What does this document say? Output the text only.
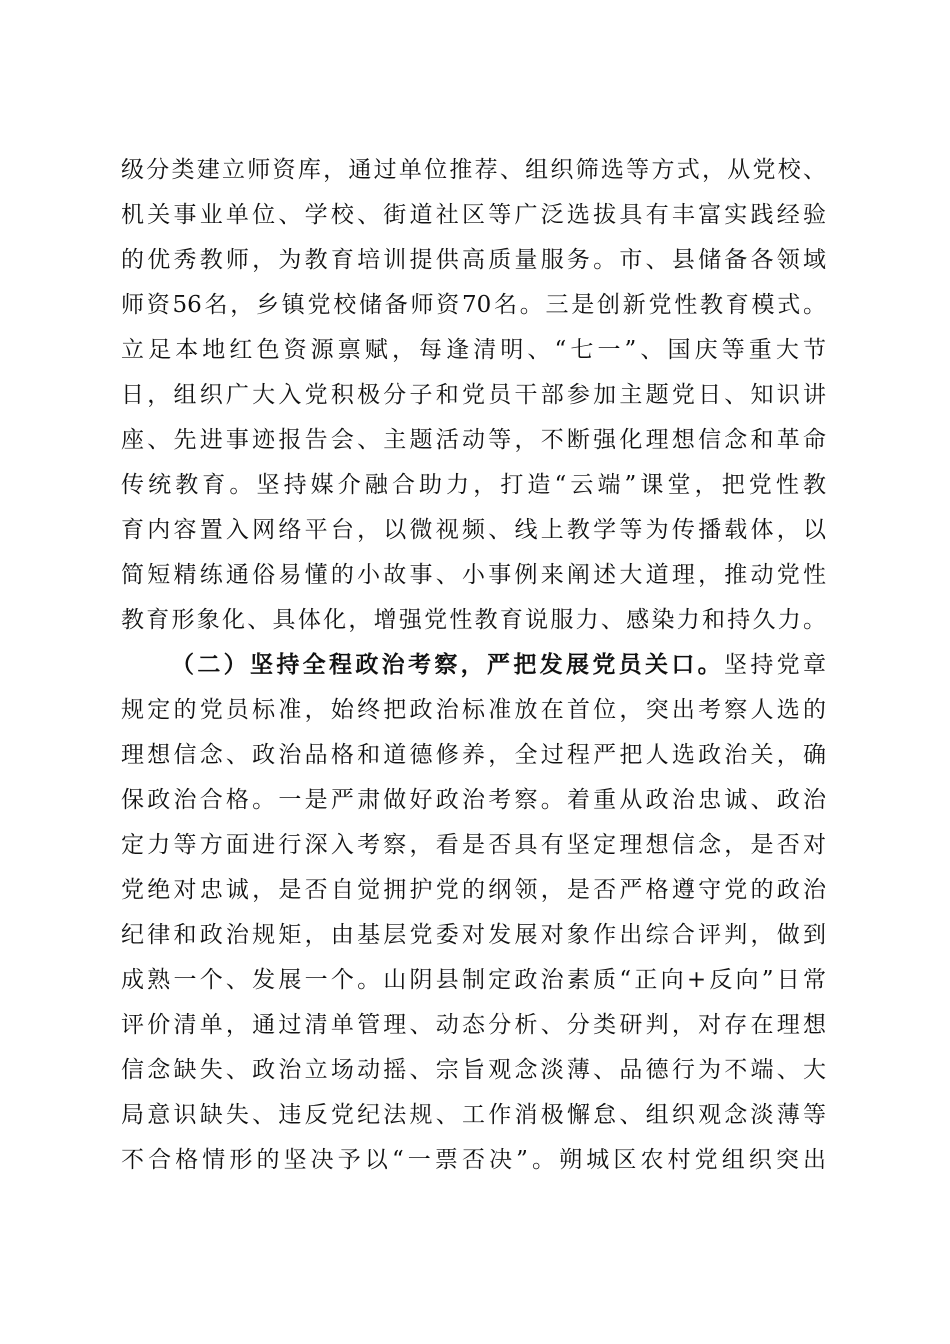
级分类建立师资库，通过单位推荐、组织筛选等方式，从党校、
机关事业单位、学校、街道社区等广泛选拔具有丰富实践经验
的优秀教师，为教育培训提供高质量服务。市、县储备各领域
师资56名，乡镇党校储备师资70名。三是创新党性教育模式。
立足本地红色资源禀赋，每逢清明、“七一”、国庆等重大节
日，组织广大入党积极分子和党员干部参加主题党日、知识讲
座、先进事迹报告会、主题活动等，不断强化理想信念和革命
传统教育。坚持媒介融合助力，打造“云端”课堂，把党性教
育内容置入网络平台，以微视频、线上教学等为传播载体，以
简短精练通俗易懂的小故事、小事例来阐述大道理，推动党性
教育形象化、具体化，增强党性教育说服力、感染力和持久力。
（二）坚持全程政治考察，严把发展党员关口。坚持党章
规定的党员标准，始终把政治标准放在首位，突出考察人选的
理想信念、政治品格和道德修养，全过程严把人选政治关，确
保政治合格。一是严肃做好政治考察。着重从政治忠诚、政治
定力等方面进行深入考察，看是否具有坚定理想信念，是否对
党绝对忠诚，是否自觉拥护党的纲领，是否严格遵守党的政治
纪律和政治规矩，由基层党委对发展对象作出综合评判，做到
成熟一个、发展一个。山阴县制定政治素质“正向+反向”日常
评价清单，通过清单管理、动态分析、分类研判，对存在理想
信念缺失、政治立场动摇、宗旨观念淡薄、品德行为不端、大
局意识缺失、违反党纪法规、工作消极懈怠、组织观念淡薄等
不合格情形的坚决予以“一票否决”。朔城区农村党组织突出
